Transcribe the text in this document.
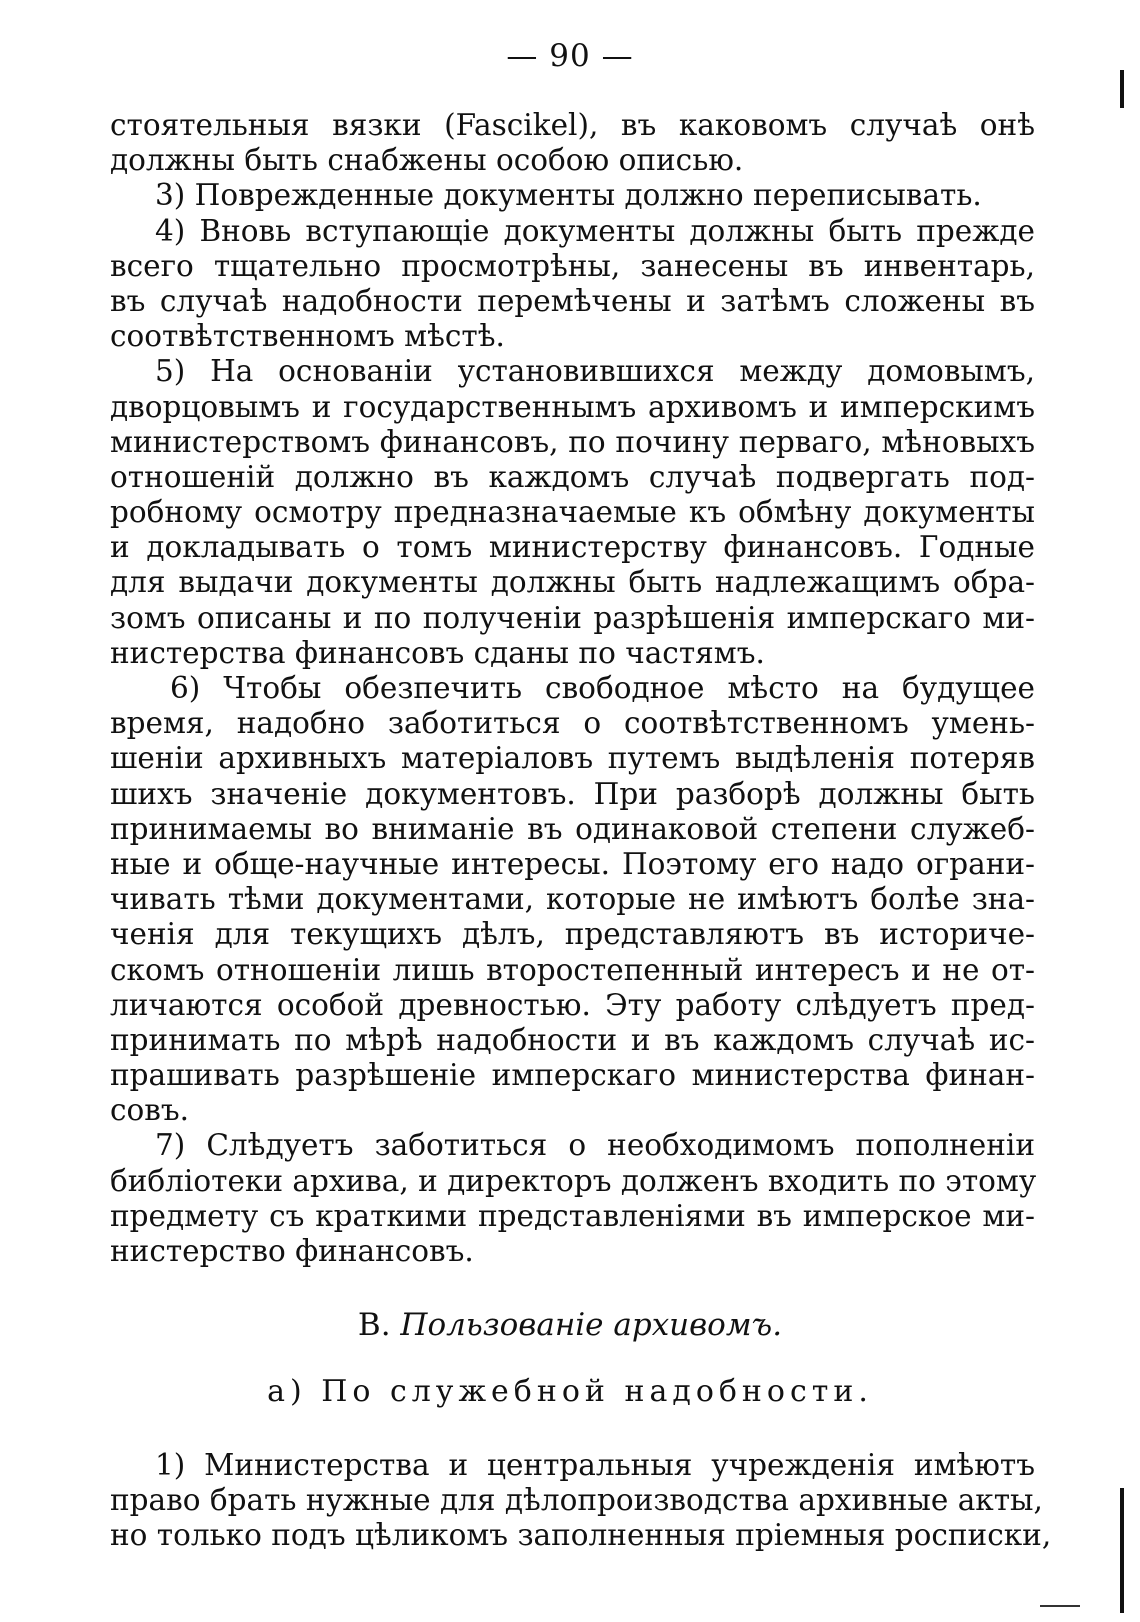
— 90 —
стоятельныя вязки (Fascikel), въ каковомъ случаѣ онѣ
должны быть снабжены особою описью.
3) Поврежденные документы должно переписывать.
4) Вновь вступающіе документы должны быть прежде
всего тщательно просмотрѣны, занесены въ инвентарь,
въ случаѣ надобности перемѣчены и затѣмъ сложены въ
соотвѣтственномъ мѣстѣ.
5) На основаніи установившихся между домовымъ,
дворцовымъ и государственнымъ архивомъ и имперскимъ
министерствомъ финансовъ, по почину перваго, мѣновыхъ
отношеній должно въ каждомъ случаѣ подвергать под-
робному осмотру предназначаемые къ обмѣну документы
и докладывать о томъ министерству финансовъ. Годные
для выдачи документы должны быть надлежащимъ обра-
зомъ описаны и по полученіи разрѣшенія имперскаго ми-
нистерства финансовъ сданы по частямъ.
6) Чтобы обезпечить свободное мѣсто на будущее
время, надобно заботиться о соотвѣтственномъ умень-
шеніи архивныхъ матеріаловъ путемъ выдѣленія потеряв
шихъ значеніе документовъ. При разборѣ должны быть
принимаемы во вниманіе въ одинаковой степени служеб-
ные и обще-научные интересы. Поэтому его надо ограни-
чивать тѣми документами, которые не имѣютъ болѣе зна-
ченія для текущихъ дѣлъ, представляютъ въ историче-
скомъ отношеніи лишь второстепенный интересъ и не от-
личаются особой древностью. Эту работу слѣдуетъ пред-
принимать по мѣрѣ надобности и въ каждомъ случаѣ ис-
прашивать разрѣшеніе имперскаго министерства финан-
совъ.
7) Слѣдуетъ заботиться о необходимомъ пополненіи
библіотеки архива, и директоръ долженъ входить по этому
предмету съ краткими представленіями въ имперское ми-
нистерство финансовъ.
В. Пользованіе архивомъ.
а) По служебной надобности.
1) Министерства и центральныя учрежденія имѣютъ
право брать нужные для дѣлопроизводства архивные акты,
но только подъ цѣликомъ заполненныя пріемныя росписки,
